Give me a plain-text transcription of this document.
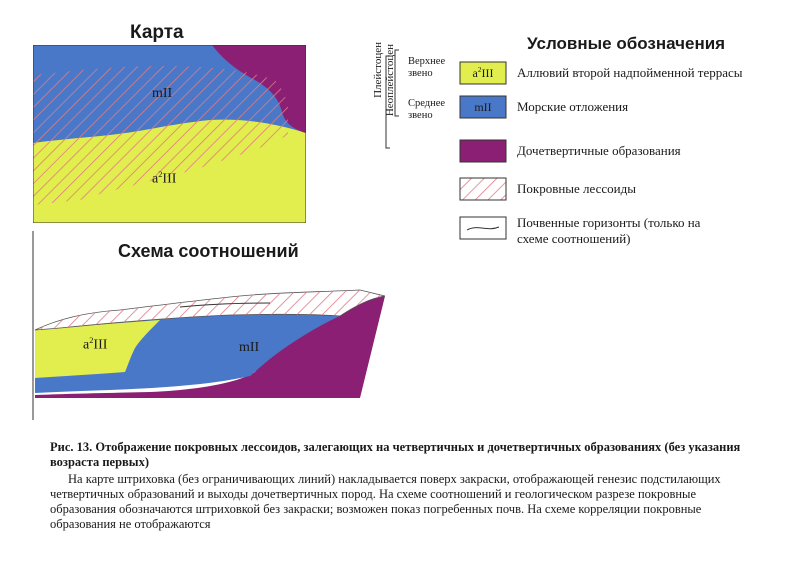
Карта
mII
$a^2III$
Схема соотношений
$a^2III$	mII
Плейстоцен Неоплейстоцен Верхнее звено
Среднее звено
Условные обозначения
$a^2III$
mII
Аллювий второй надпойменной террасы
Морские отложения
Дочетвертичные образования
Покровные лессоиды
Почвенные горизонты (только на схеме соотношений)
Рис. 13. Отображение покровных лессоидов, залегающих на четвертичных и дочетвертичных образованиях (без указания возраста первых)
На карте штриховка (без ограничивающих линий) накладывается поверх закраски, отображающей генезис подстилающих четвертичных образований и выходы дочетвертичных пород. На схеме соотношений и геологическом разрезе покровные образования обозначаются штриховкой без закраски; возможен показ погребенных почв. На схеме корреляции покровные образования не отображаются
